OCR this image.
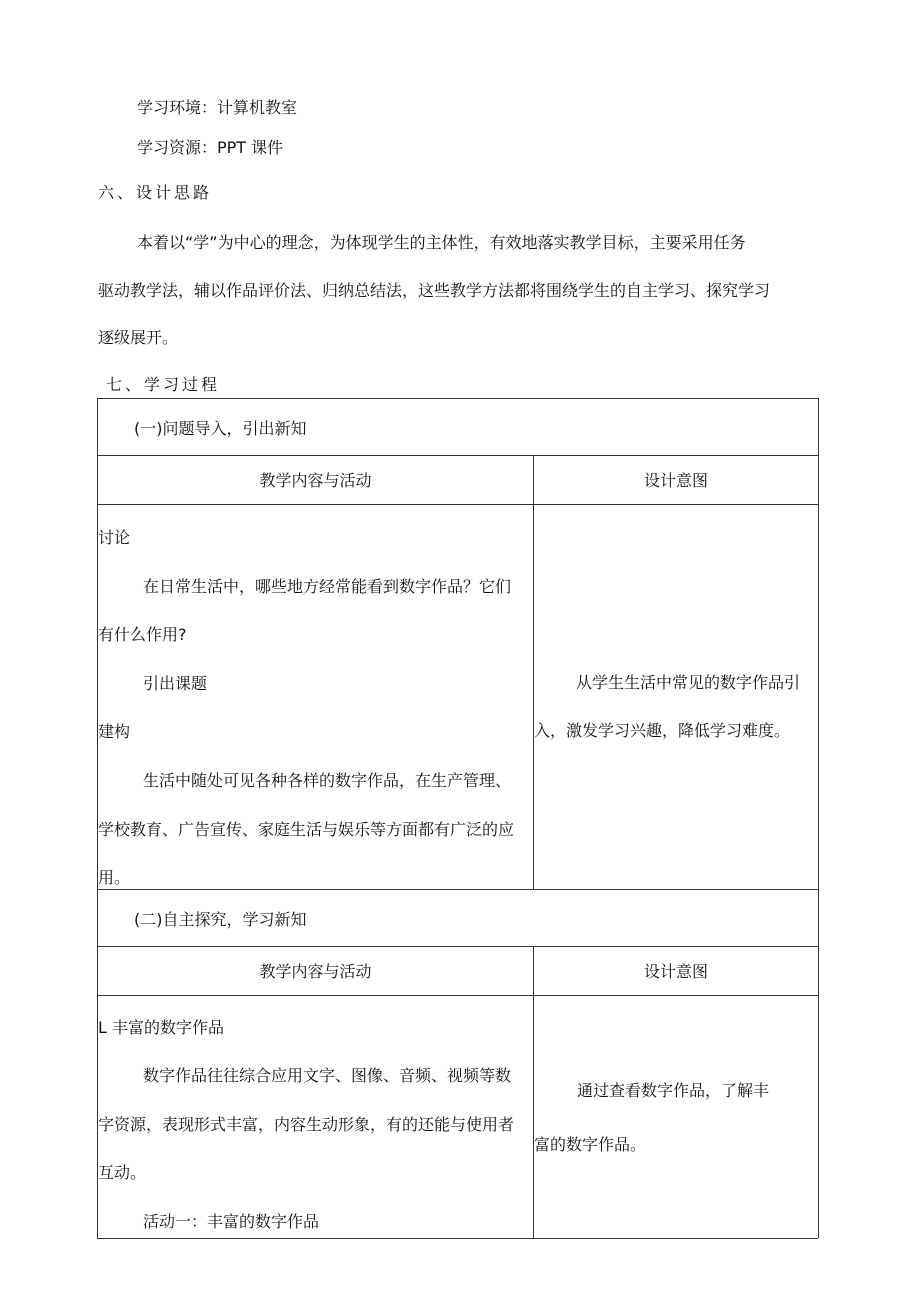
学习环境：计算机教室
学习资源：PPT 课件
六、设计思路
本着以“学”为中心的理念，为体现学生的主体性，有效地落实教学目标，主要采用任务
驱动教学法，辅以作品评价法、归纳总结法，这些教学方法都将围绕学生的自主学习、探究学习
逐级展开。
七、学习过程
(一)问题导入，引出新知
教学内容与活动	设计意图
讨论
在日常生活中，哪些地方经常能看到数字作品？它们
有什么作用?
引出课题
建构
生活中随处可见各种各样的数字作品，在生产管理、
学校教育、广告宣传、家庭生活与娱乐等方面都有广泛的应
用。
从学生生活中常见的数字作品引
入，激发学习兴趣，降低学习难度。
(二)自主探究，学习新知
教学内容与活动	设计意图
L 丰富的数字作品
数字作品往往综合应用文字、图像、音频、视频等数
字资源，表现形式丰富，内容生动形象，有的还能与使用者
互动。
活动一：丰富的数字作品
通过查看数字作品，了解丰
富的数字作品。
